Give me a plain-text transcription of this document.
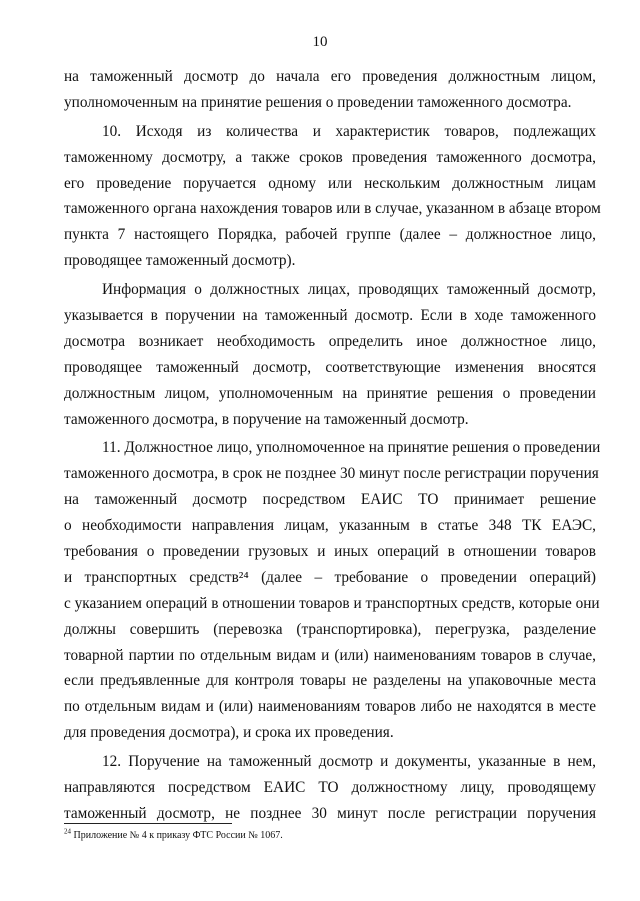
10
на таможенный досмотр до начала его проведения должностным лицом,
уполномоченным на принятие решения о проведении таможенного досмотра.
10. Исходя из количества и характеристик товаров, подлежащих
таможенному досмотру, а также сроков проведения таможенного досмотра,
его проведение поручается одному или нескольким должностным лицам
таможенного органа нахождения товаров или в случае, указанном в абзаце втором
пункта 7 настоящего Порядка, рабочей группе (далее – должностное лицо,
проводящее таможенный досмотр).
Информация о должностных лицах, проводящих таможенный досмотр,
указывается в поручении на таможенный досмотр. Если в ходе таможенного
досмотра возникает необходимость определить иное должностное лицо,
проводящее таможенный досмотр, соответствующие изменения вносятся
должностным лицом, уполномоченным на принятие решения о проведении
таможенного досмотра, в поручение на таможенный досмотр.
11. Должностное лицо, уполномоченное на принятие решения о проведении
таможенного досмотра, в срок не позднее 30 минут после регистрации поручения
на таможенный досмотр посредством ЕАИС ТО принимает решение
о необходимости направления лицам, указанным в статье 348 ТК ЕАЭС,
требования о проведении грузовых и иных операций в отношении товаров
и транспортных средств²⁴ (далее – требование о проведении операций)
с указанием операций в отношении товаров и транспортных средств, которые они
должны совершить (перевозка (транспортировка), перегрузка, разделение
товарной партии по отдельным видам и (или) наименованиям товаров в случае,
если предъявленные для контроля товары не разделены на упаковочные места
по отдельным видам и (или) наименованиям товаров либо не находятся в месте
для проведения досмотра), и срока их проведения.
12. Поручение на таможенный досмотр и документы, указанные в нем,
направляются посредством ЕАИС ТО должностному лицу, проводящему
таможенный досмотр, не позднее 30 минут после регистрации поручения
$^{24}$ Приложение № 4 к приказу ФТС России № 1067.
